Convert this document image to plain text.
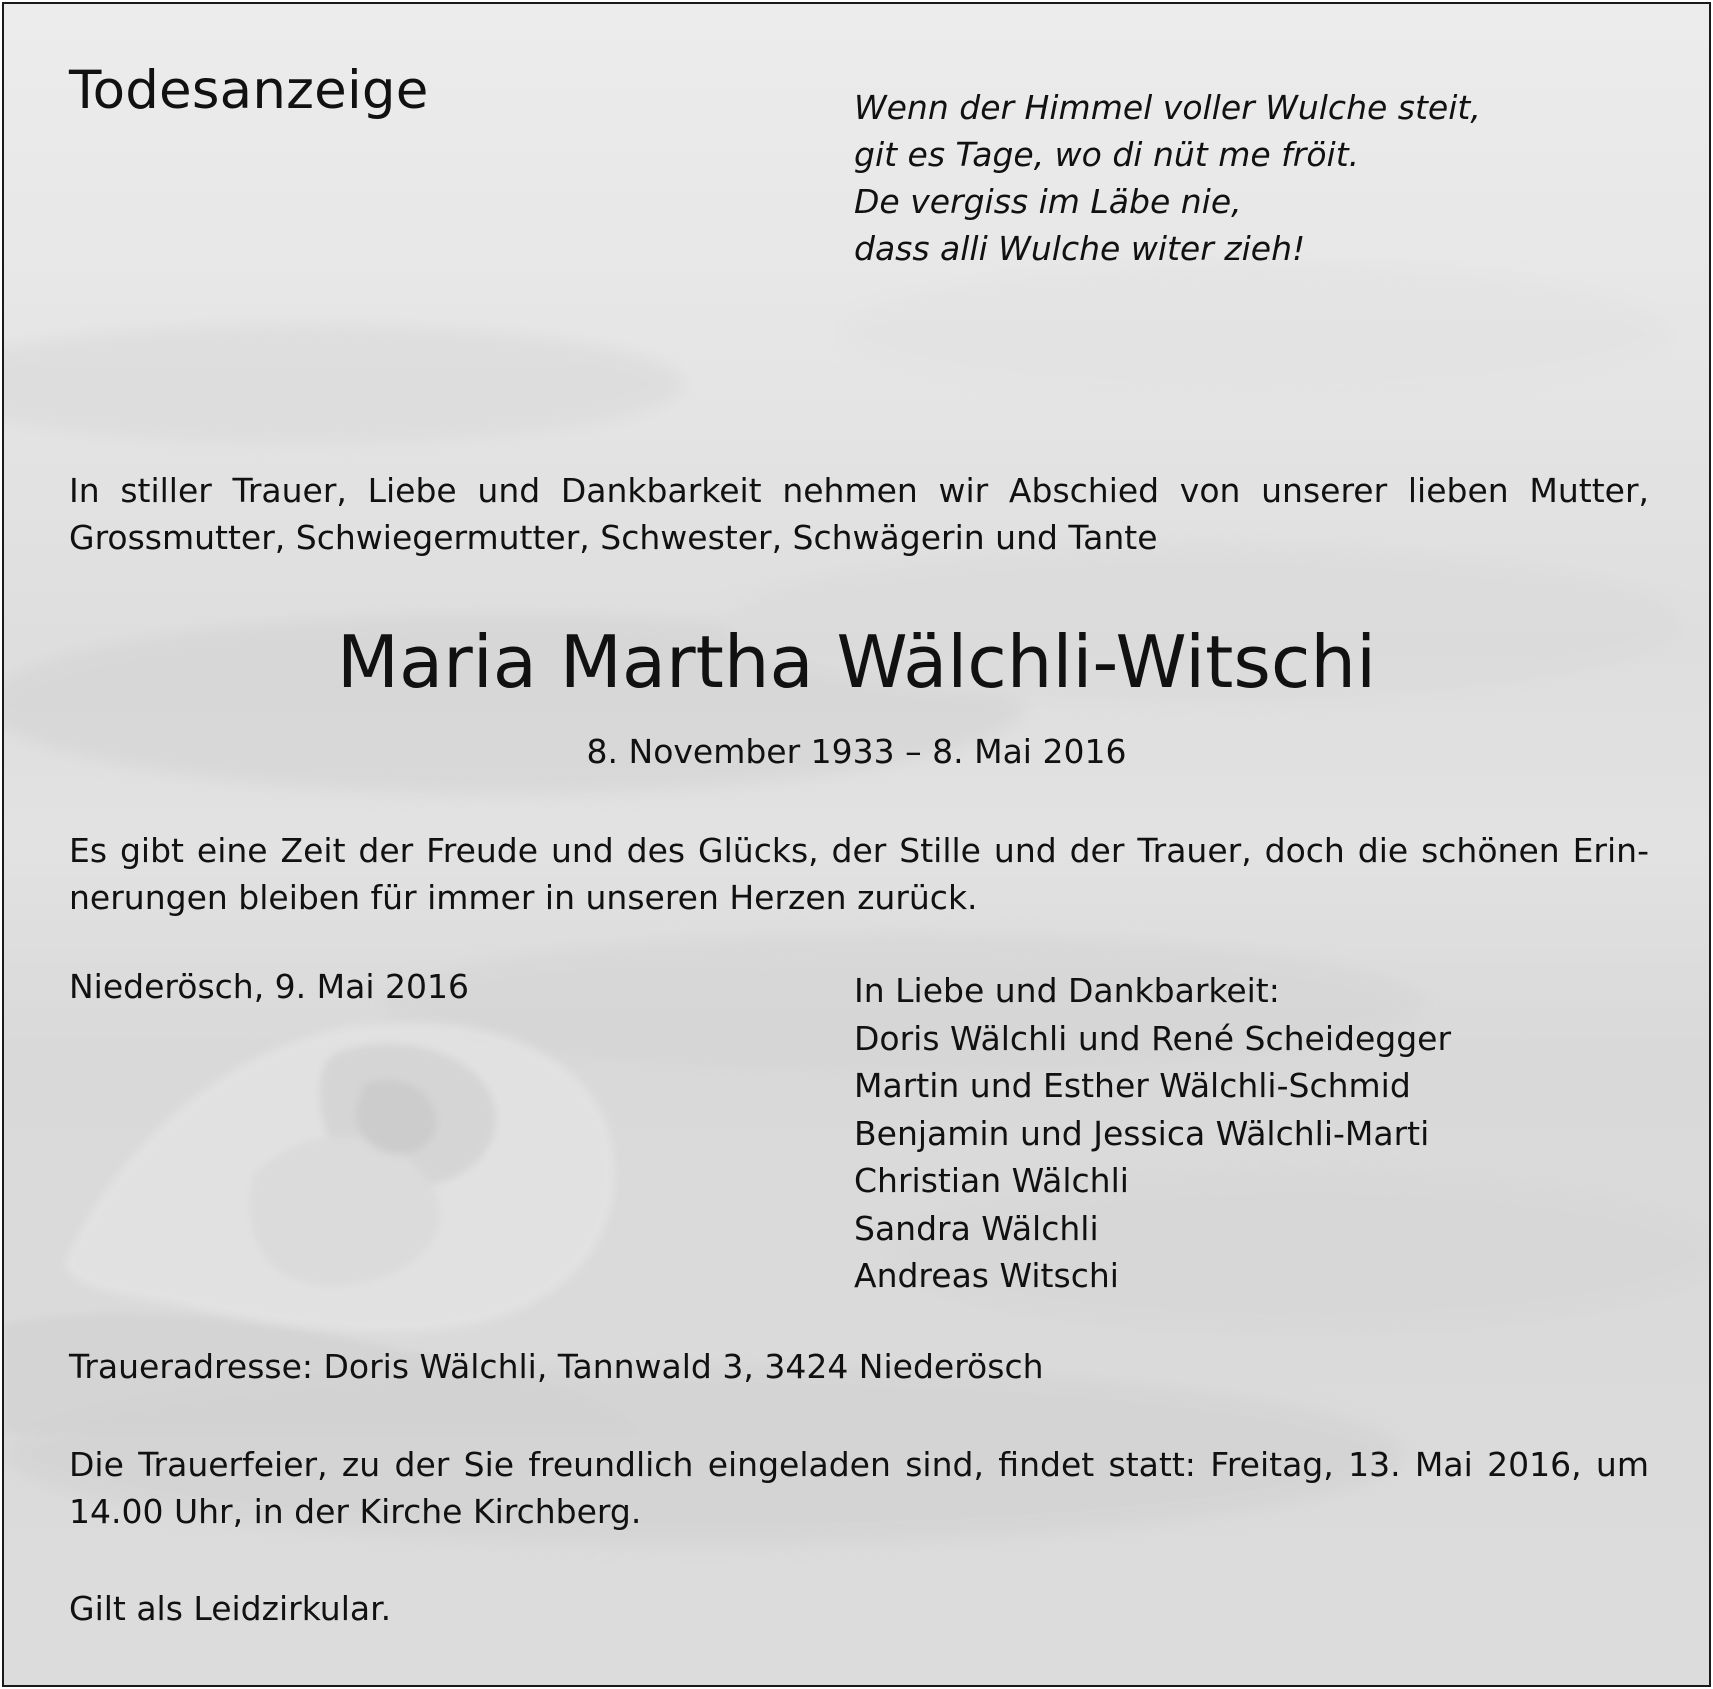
Todesanzeige	Wenn der Himmel voller Wulche steit,
git es Tage, wo di nüt me fröit.
De vergiss im Läbe nie,
dass alli Wulche witer zieh!
In stiller Trauer, Liebe und Dankbarkeit nehmen wir Abschied von unserer lieben Mutter,
Grossmutter, Schwiegermutter, Schwester, Schwägerin und Tante
Maria Martha Wälchli-Witschi
8. November 1933 – 8. Mai 2016
Es gibt eine Zeit der Freude und des Glücks, der Stille und der Trauer, doch die schönen Erin-
nerungen bleiben für immer in unseren Herzen zurück.
Niederösch, 9. Mai 2016	In Liebe und Dankbarkeit:
Doris Wälchli und René Scheidegger
Martin und Esther Wälchli-Schmid
Benjamin und Jessica Wälchli-Marti
Christian Wälchli
Sandra Wälchli
Andreas Witschi
Traueradresse: Doris Wälchli, Tannwald 3, 3424 Niederösch
Die Trauerfeier, zu der Sie freundlich eingeladen sind, findet statt: Freitag, 13. Mai 2016, um
14.00 Uhr, in der Kirche Kirchberg.
Gilt als Leidzirkular.
